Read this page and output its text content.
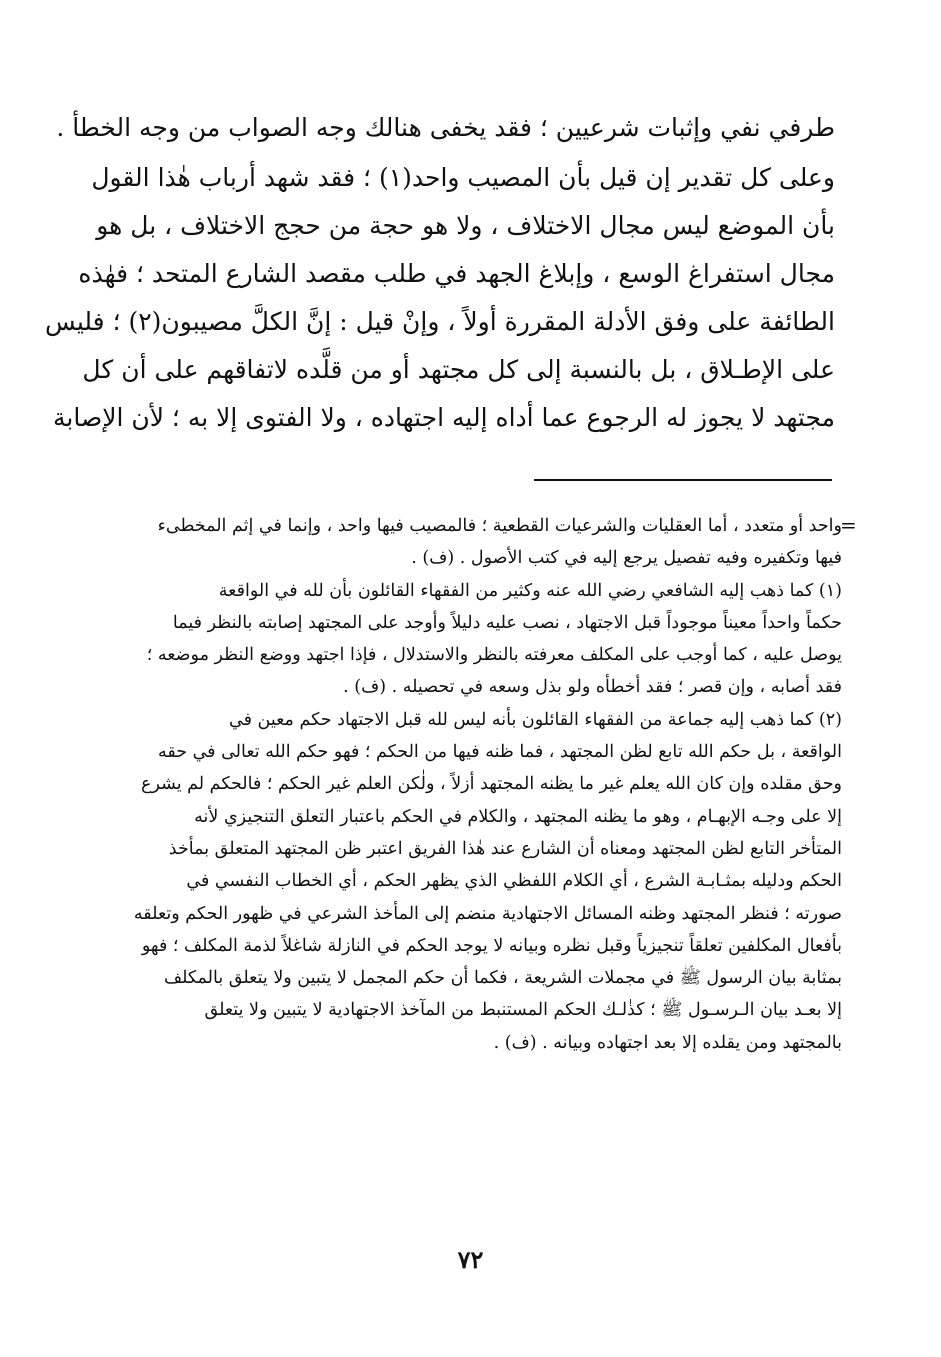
طرفي نفي وإثبات شرعيين ؛ فقد يخفى هنالك وجه الصواب من وجه الخطأ .
وعلى كل تقدير إن قيل بأن المصيب واحد(١) ؛ فقد شهد أرباب هٰذا القول
بأن الموضع ليس مجال الاختلاف ، ولا هو حجة من حجج الاختلاف ، بل هو
مجال استفراغ الوسع ، وإبلاغ الجهد في طلب مقصد الشارع المتحد ؛ فهٰذه
الطائفة على وفق الأدلة المقررة أولاً ، وإنْ قيل : إنَّ الكلَّ مصيبون(٢) ؛ فليس
على الإطـلاق ، بل بالنسبة إلى كل مجتهد أو من قلَّده لاتفاقهم على أن كل
مجتهد لا يجوز له الرجوع عما أداه إليه اجتهاده ، ولا الفتوى إلا به ؛ لأن الإصابة
=
واحد أو متعدد ، أما العقليات والشرعيات القطعية ؛ فالمصيب فيها واحد ، وإنما في إثم المخطىء
فيها وتكفيره وفيه تفصيل يرجع إليه في كتب الأصول . (ف) .
(١) كما ذهب إليه الشافعي رضي الله عنه وكثير من الفقهاء القائلون بأن لله في الواقعة
حكماً واحداً معيناً موجوداً قبل الاجتهاد ، نصب عليه دليلاً وأوجد على المجتهد إصابته بالنظر فيما
يوصل عليه ، كما أوجب على المكلف معرفته بالنظر والاستدلال ، فإذا اجتهد ووضع النظر موضعه ؛
فقد أصابه ، وإن قصر ؛ فقد أخطأه ولو بذل وسعه في تحصيله . (ف) .
(٢) كما ذهب إليه جماعة من الفقهاء القائلون بأنه ليس لله قبل الاجتهاد حكم معين في
الواقعة ، بل حكم الله تابع لظن المجتهد ، فما ظنه فيها من الحكم ؛ فهو حكم الله تعالى في حقه
وحق مقلده وإن كان الله يعلم غير ما يظنه المجتهد أزلاً ، ولٰكن العلم غير الحكم ؛ فالحكم لم يشرع
إلا على وجـه الإبهـام ، وهو ما يظنه المجتهد ، والكلام في الحكم باعتبار التعلق التنجيزي لأنه
المتأخر التابع لظن المجتهد ومعناه أن الشارع عند هٰذا الفريق اعتبر ظن المجتهد المتعلق بمأخذ
الحكم ودليله بمثـابـة الشرع ، أي الكلام اللفظي الذي يظهر الحكم ، أي الخطاب النفسي في
صورته ؛ فنظر المجتهد وظنه المسائل الاجتهادية منضم إلى المأخذ الشرعي في ظهور الحكم وتعلقه
بأفعال المكلفين تعلقاً تنجيزياً وقبل نظره وبيانه لا يوجد الحكم في النازلة شاغلاً لذمة المكلف ؛ فهو
بمثابة بيان الرسول ﷺ في مجملات الشريعة ، فكما أن حكم المجمل لا يتبين ولا يتعلق بالمكلف
إلا بعـد بيان الـرسـول ﷺ ؛ كذٰلـك الحكم المستنبط من المآخذ الاجتهادية لا يتبين ولا يتعلق
بالمجتهد ومن يقلده إلا بعد اجتهاده وبيانه . (ف) .
٧٢
